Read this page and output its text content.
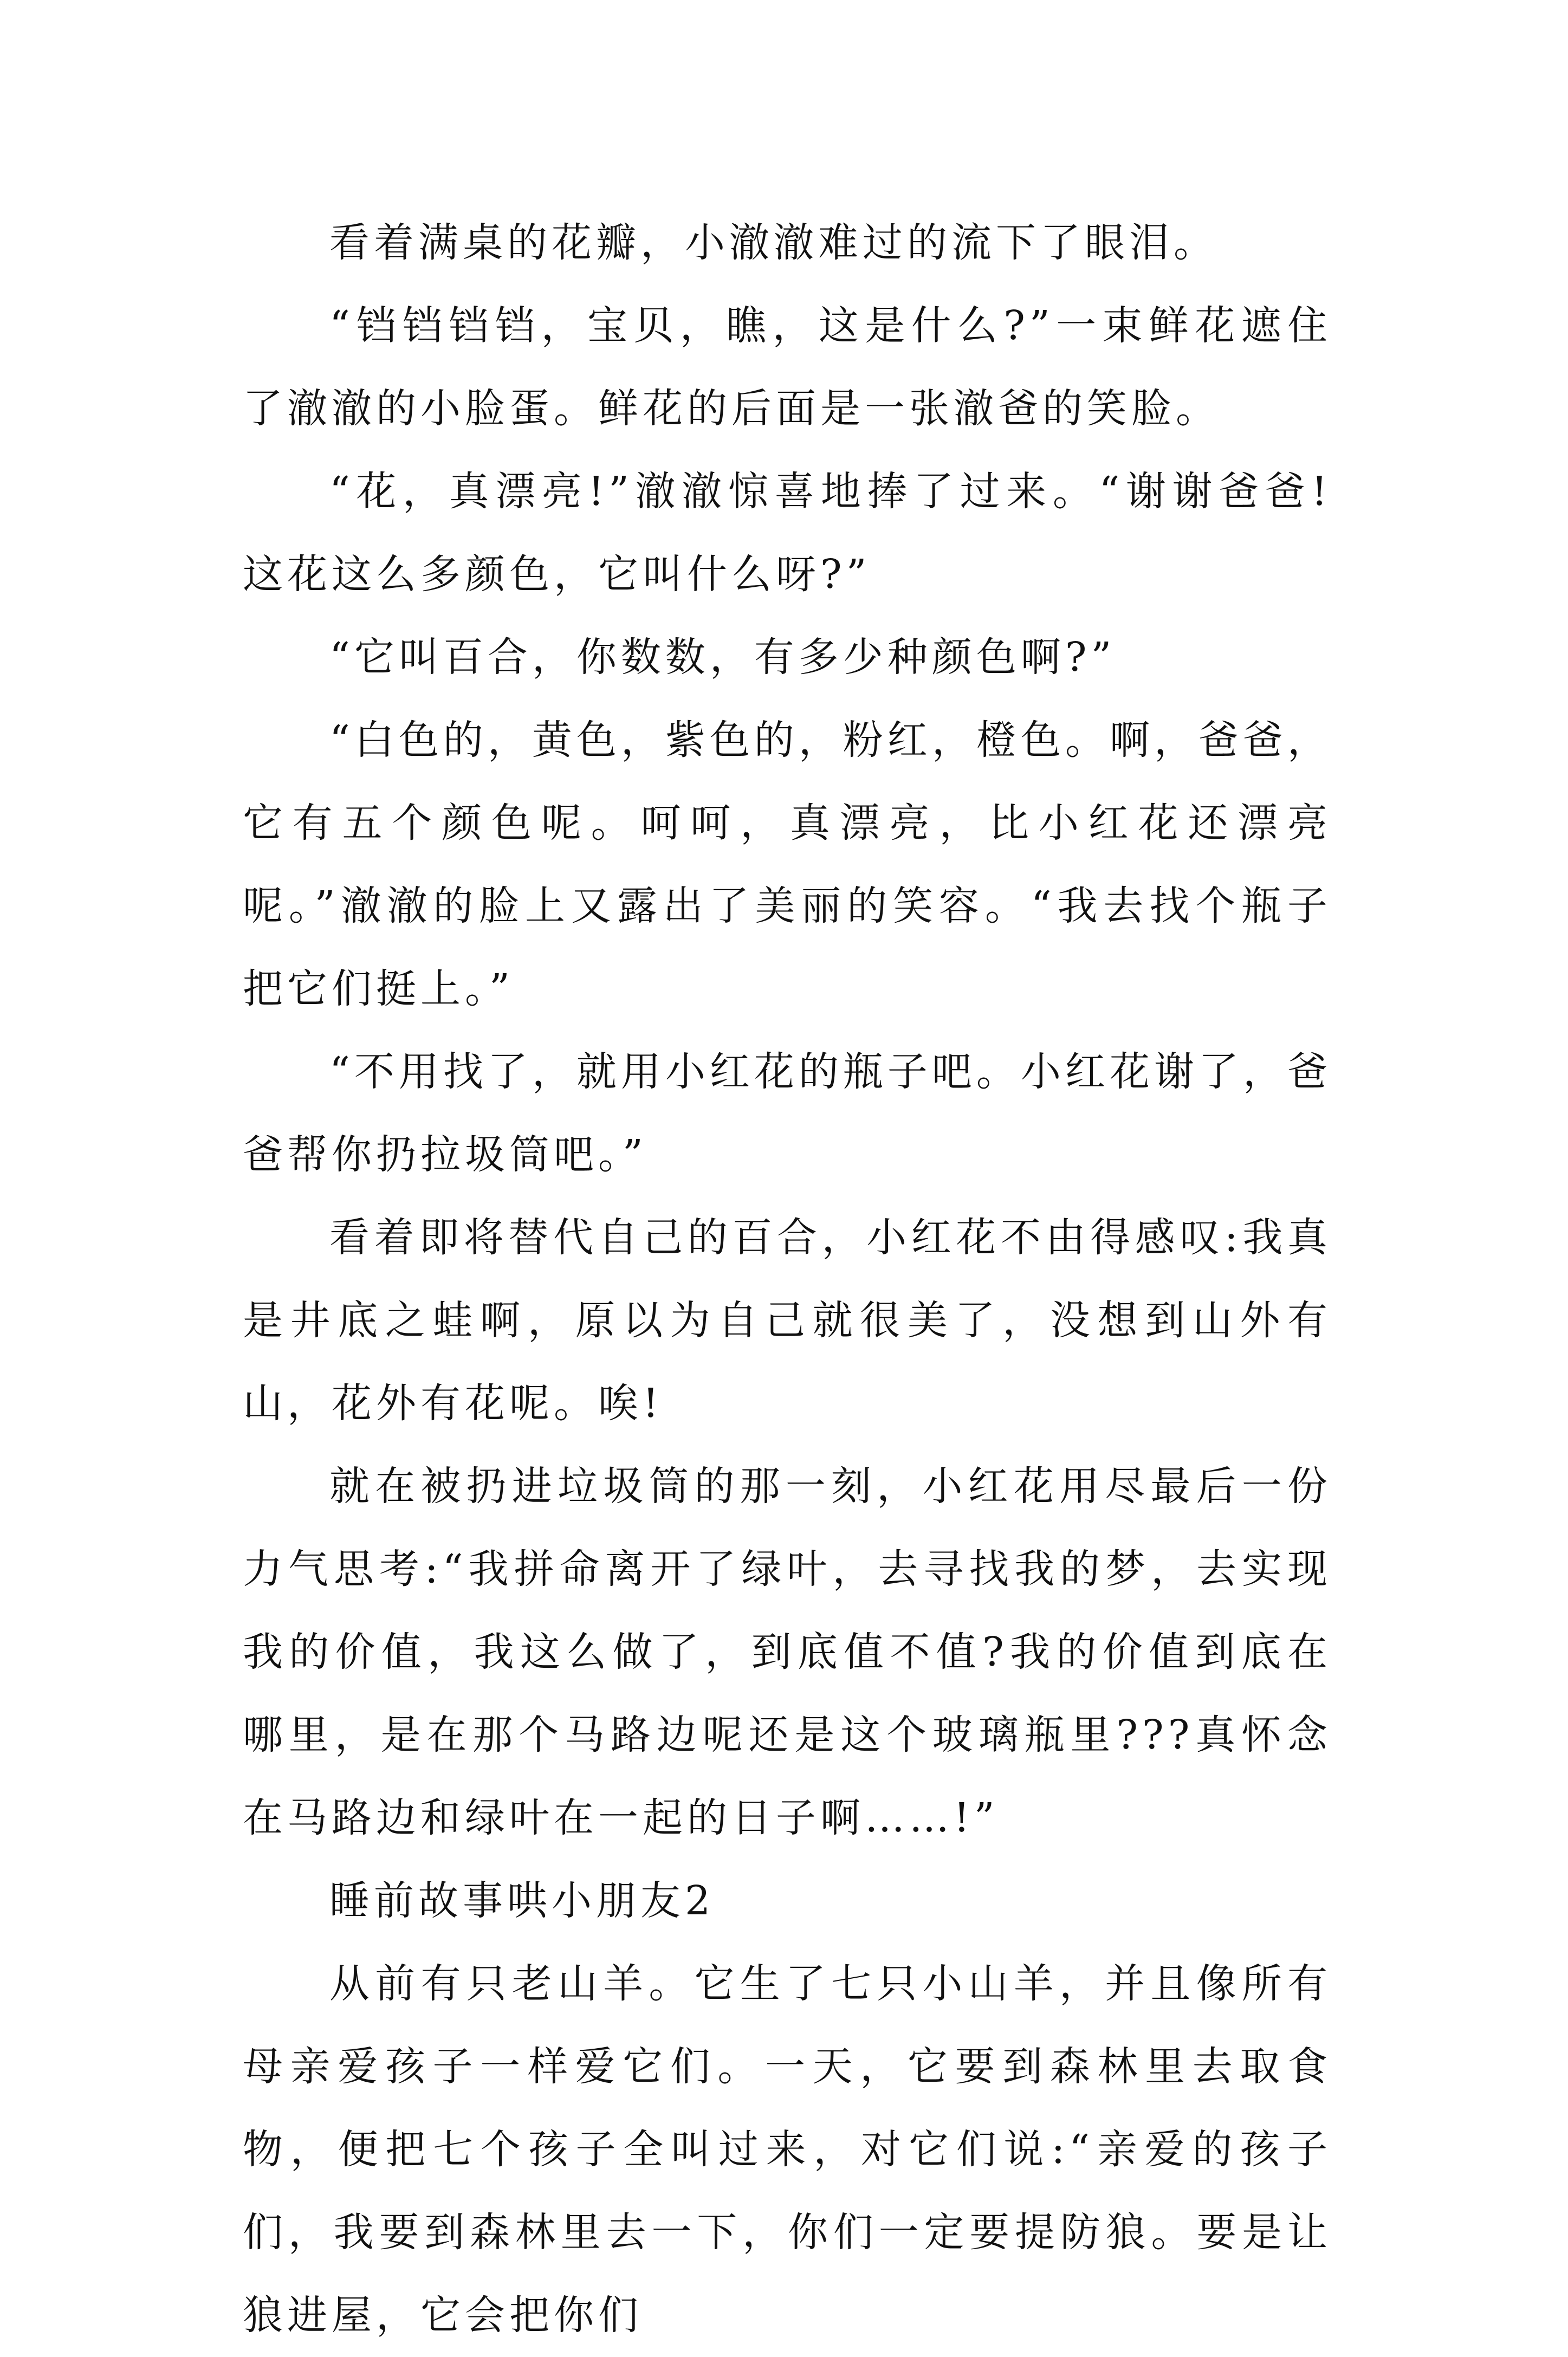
看着满桌的花瓣，小澈澈难过的流下了眼泪。

“铛铛铛铛，宝贝，瞧，这是什么?”一束鲜花遮住了澈澈的小脸蛋。鲜花的后面是一张澈爸的笑脸。

“花，真漂亮!”澈澈惊喜地捧了过来。“谢谢爸爸!这花这么多颜色，它叫什么呀?”

“它叫百合，你数数，有多少种颜色啊?”

“白色的，黄色，紫色的，粉红，橙色。啊，爸爸，它有五个颜色呢。呵呵，真漂亮，比小红花还漂亮呢。”澈澈的脸上又露出了美丽的笑容。“我去找个瓶子把它们挺上。”

“不用找了，就用小红花的瓶子吧。小红花谢了，爸爸帮你扔拉圾筒吧。”

看着即将替代自己的百合，小红花不由得感叹:我真是井底之蛙啊，原以为自己就很美了，没想到山外有山，花外有花呢。唉!

就在被扔进垃圾筒的那一刻，小红花用尽最后一份力气思考:“我拼命离开了绿叶，去寻找我的梦，去实现我的价值，我这么做了，到底值不值?我的价值到底在哪里，是在那个马路边呢还是这个玻璃瓶里???真怀念在马路边和绿叶在一起的日子啊……!”

睡前故事哄小朋友2

从前有只老山羊。它生了七只小山羊，并且像所有母亲爱孩子一样爱它们。一天，它要到森林里去取食物，便把七个孩子全叫过来，对它们说:“亲爱的孩子们，我要到森林里去一下，你们一定要提防狼。要是让狼进屋，它会把你们
